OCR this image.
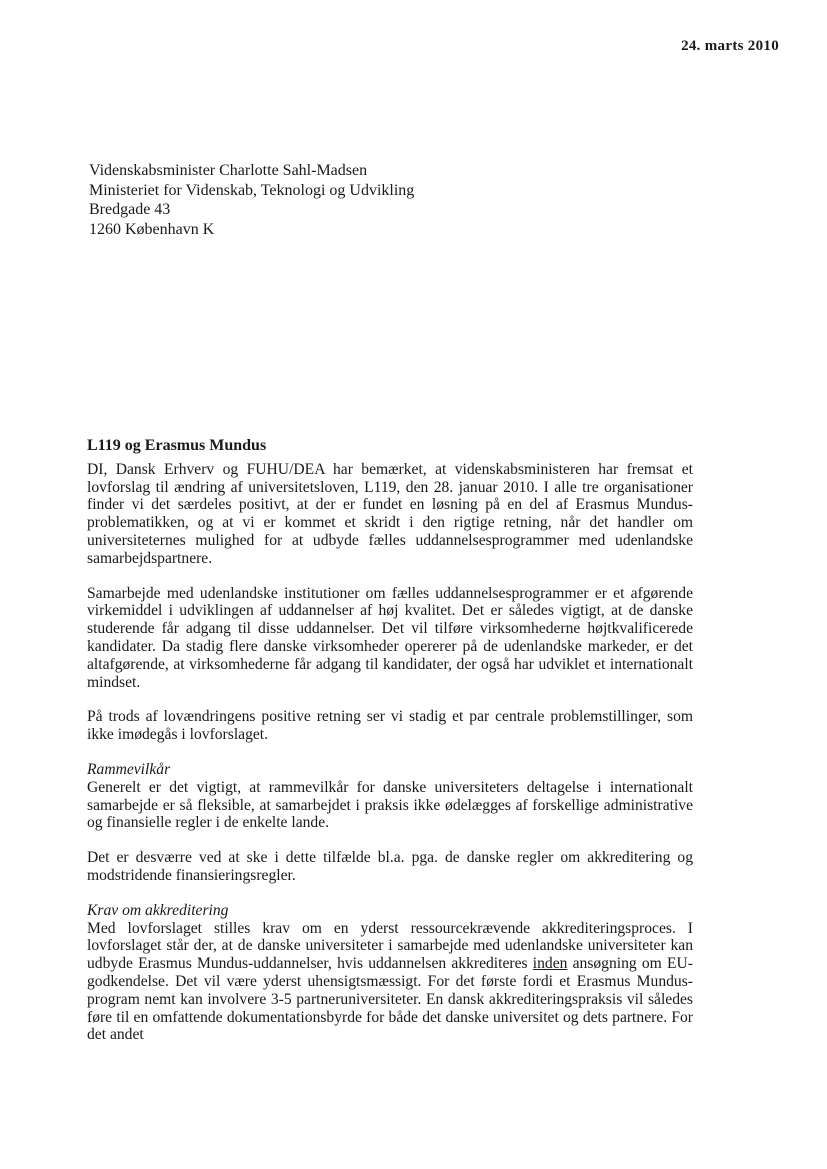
24. marts 2010
Videnskabsminister Charlotte Sahl-Madsen
Ministeriet for Videnskab, Teknologi og Udvikling
Bredgade 43
1260 København K
L119 og Erasmus Mundus

DI, Dansk Erhverv og FUHU/DEA har bemærket, at videnskabsministeren har fremsat et lovforslag til ændring af universitetsloven, L119, den 28. januar 2010. I alle tre organisationer finder vi det særdeles positivt, at der er fundet en løsning på en del af Erasmus Mundus-problematikken, og at vi er kommet et skridt i den rigtige retning, når det handler om universiteternes mulighed for at udbyde fælles uddannelsesprogrammer med udenlandske samarbejdspartnere.

Samarbejde med udenlandske institutioner om fælles uddannelsesprogrammer er et afgørende virkemiddel i udviklingen af uddannelser af høj kvalitet. Det er således vigtigt, at de danske studerende får adgang til disse uddannelser. Det vil tilføre virksomhederne højtkvalificerede kandidater. Da stadig flere danske virksomheder opererer på de udenlandske markeder, er det altafgørende, at virksomhederne får adgang til kandidater, der også har udviklet et internationalt mindset.

På trods af lovændringens positive retning ser vi stadig et par centrale problemstillinger, som ikke imødegås i lovforslaget.

Rammevilkår

Generelt er det vigtigt, at rammevilkår for danske universiteters deltagelse i internationalt samarbejde er så fleksible, at samarbejdet i praksis ikke ødelægges af forskellige administrative og finansielle regler i de enkelte lande.

Det er desværre ved at ske i dette tilfælde bl.a. pga. de danske regler om akkreditering og modstridende finansieringsregler.

Krav om akkreditering

Med lovforslaget stilles krav om en yderst ressourcekrævende akkrediteringsproces. I lovforslaget står der, at de danske universiteter i samarbejde med udenlandske universiteter kan udbyde Erasmus Mundus-uddannelser, hvis uddannelsen akkrediteres inden ansøgning om EU-godkendelse. Det vil være yderst uhensigtsmæssigt. For det første fordi et Erasmus Mundus-program nemt kan involvere 3-5 partneruniversiteter. En dansk akkrediteringspraksis vil således føre til en omfattende dokumentationsbyrde for både det danske universitet og dets partnere. For det andet
